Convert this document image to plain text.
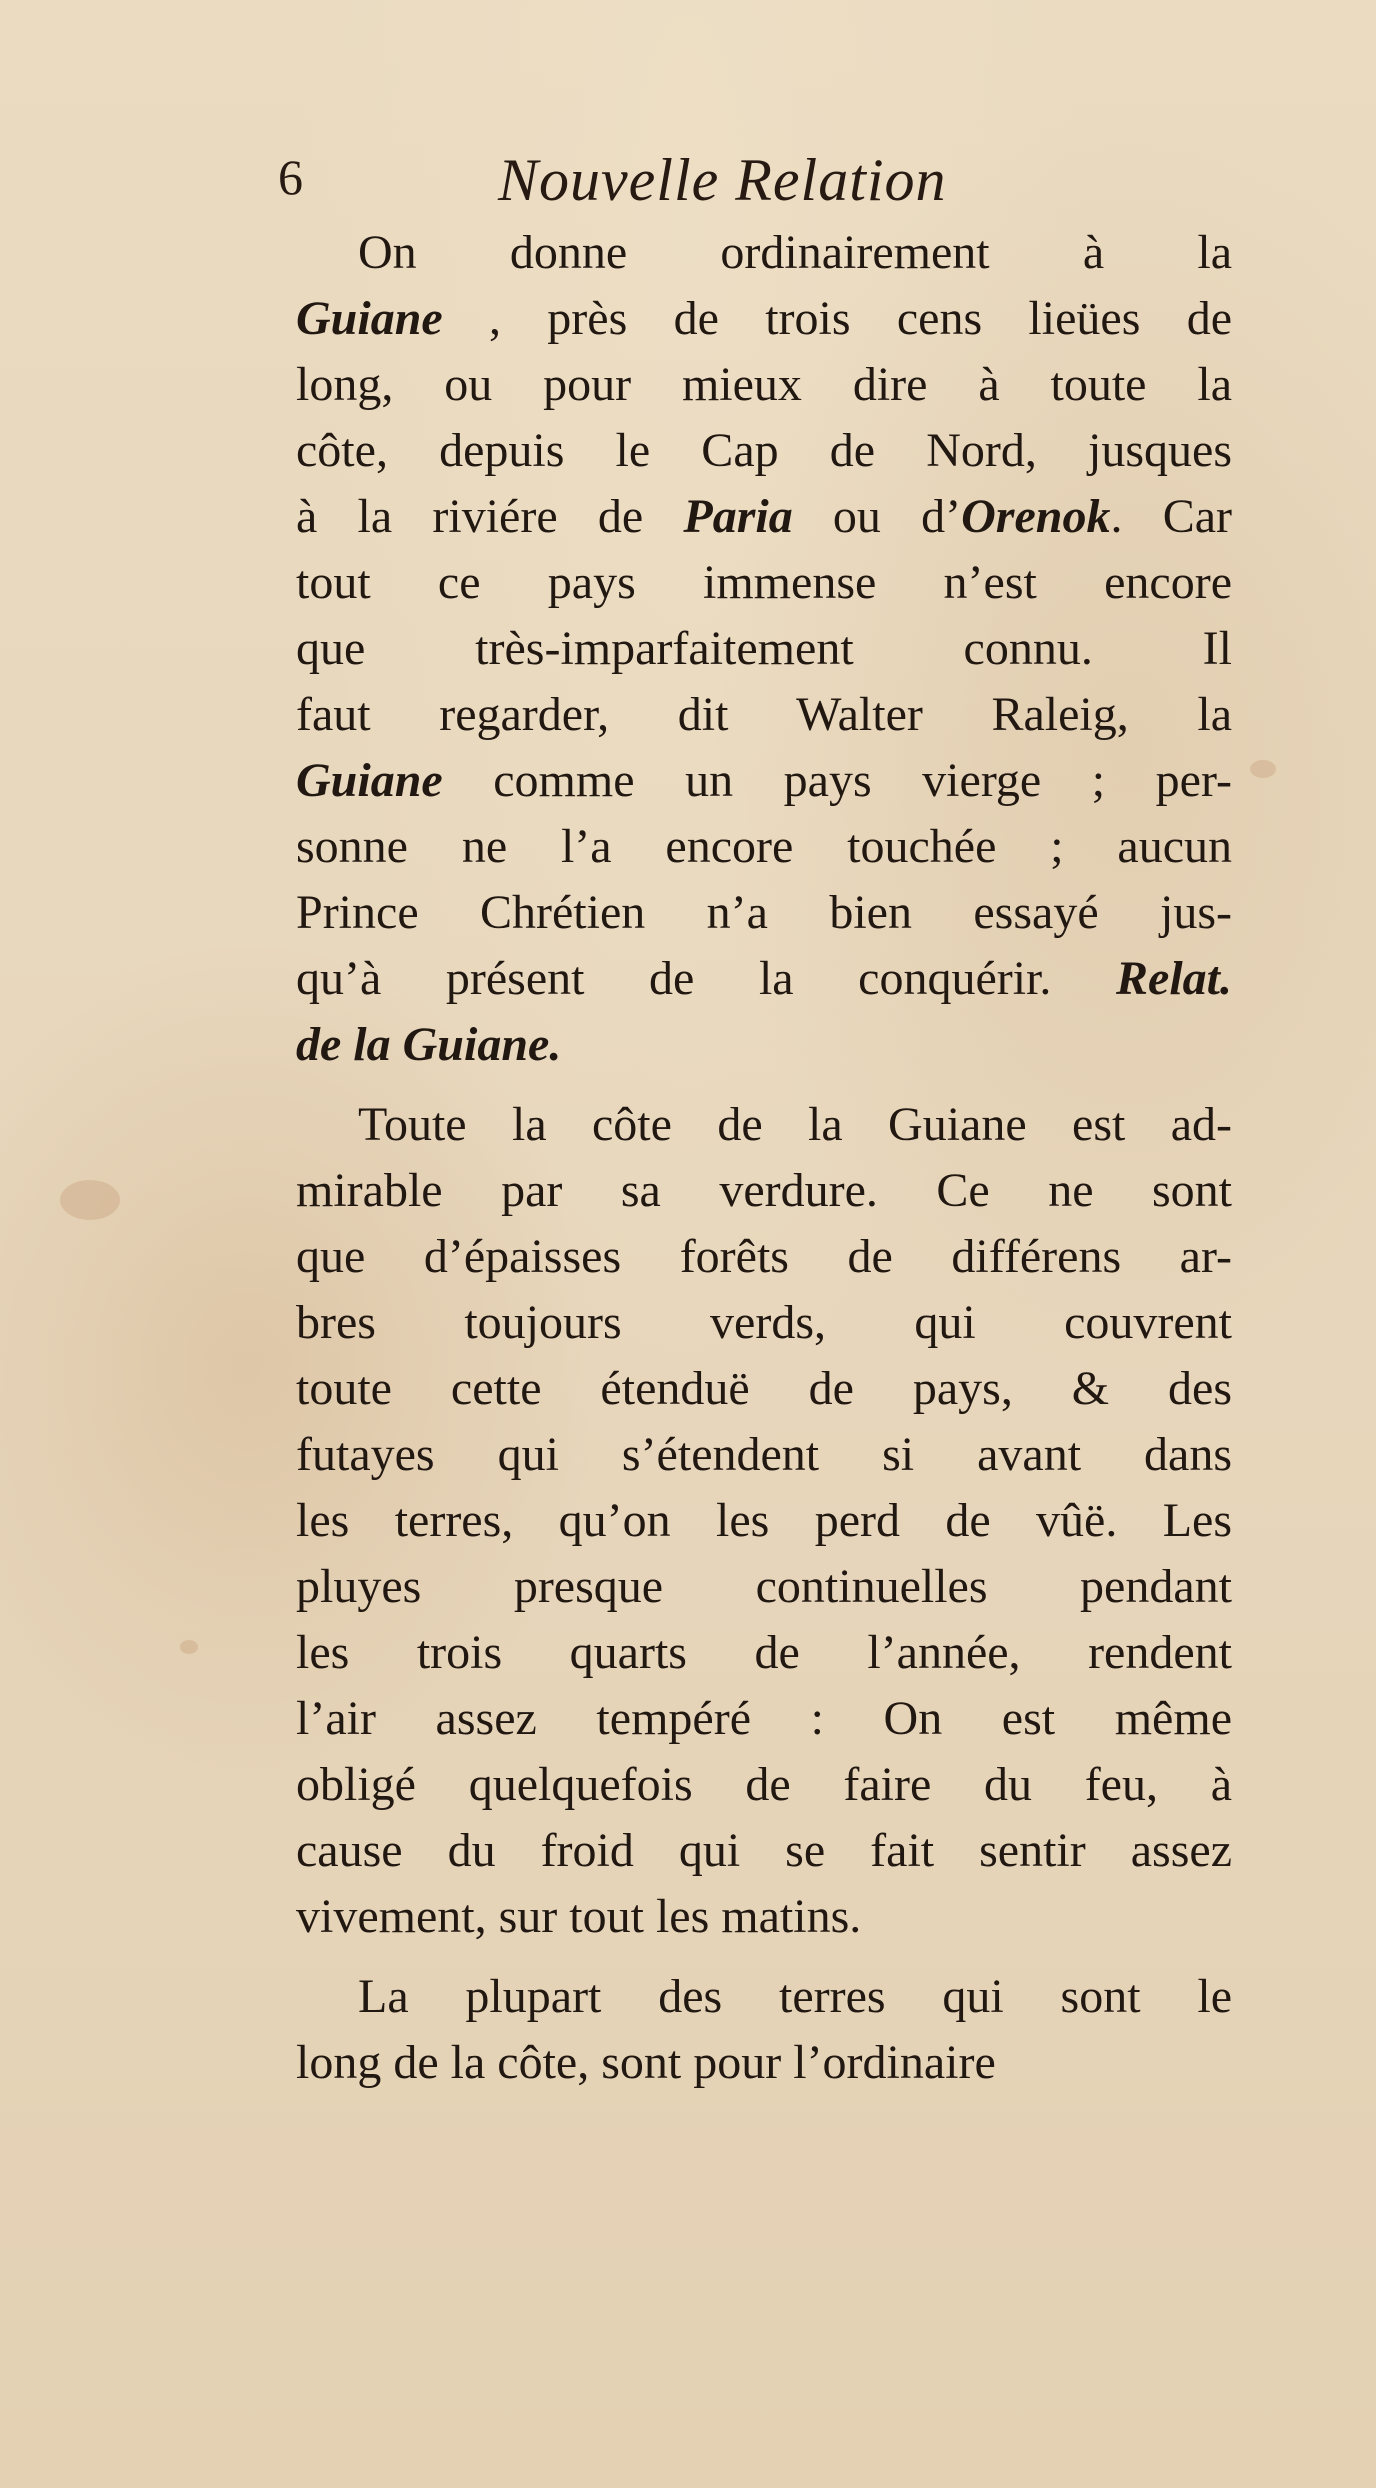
6	Nouvelle Relation
On donne ordinairement à la
Guiane , près de trois cens lieües de
long, ou pour mieux dire à toute la
côte, depuis le Cap de Nord, jusques
à la riviére de Paria ou d’Orenok. Car
tout ce pays immense n’est encore
que très-imparfaitement connu. Il
faut regarder, dit Walter Raleig, la
Guiane comme un pays vierge ; per-
sonne ne l’a encore touchée ; aucun
Prince Chrétien n’a bien essayé jus-
qu’à présent de la conquérir. Relat.
de la Guiane.
Toute la côte de la Guiane est ad-
mirable par sa verdure. Ce ne sont
que d’épaisses forêts de différens ar-
bres toujours verds, qui couvrent
toute cette étenduë de pays, & des
futayes qui s’étendent si avant dans
les terres, qu’on les perd de vûë. Les
pluyes presque continuelles pendant
les trois quarts de l’année, rendent
l’air assez tempéré : On est même
obligé quelquefois de faire du feu, à
cause du froid qui se fait sentir assez
vivement, sur tout les matins.
La plupart des terres qui sont le
long de la côte, sont pour l’ordinaire
